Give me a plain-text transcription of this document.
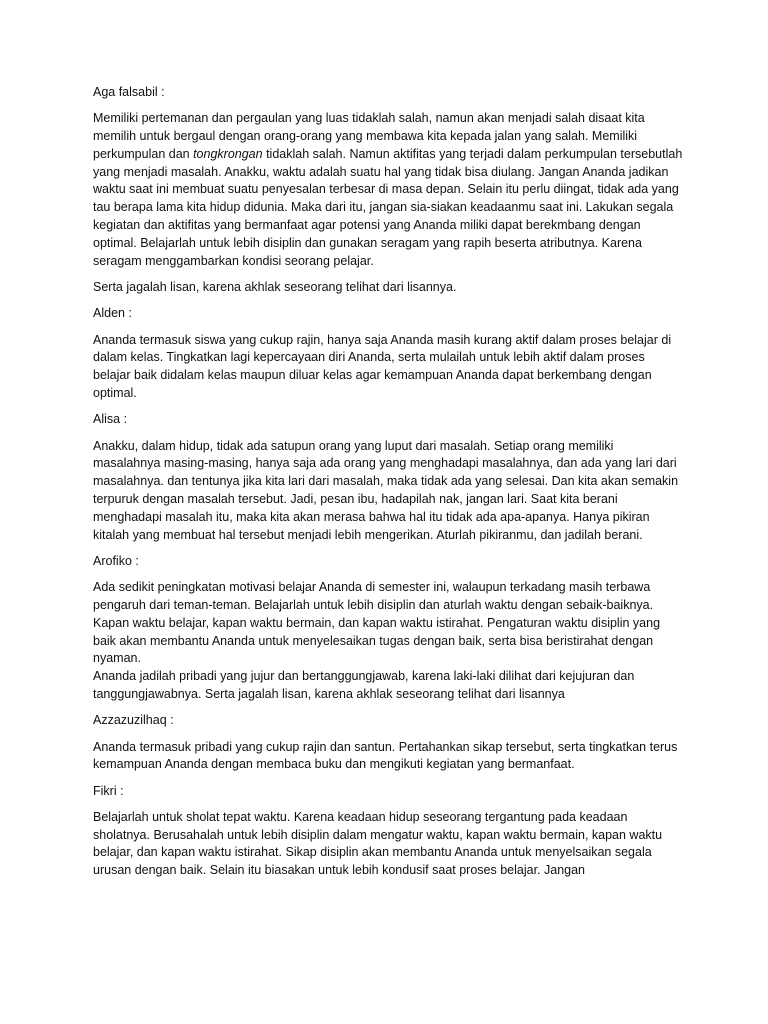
Aga falsabil :

Memiliki pertemanan dan pergaulan yang luas tidaklah salah, namun akan menjadi salah disaat kita memilih untuk bergaul dengan orang-orang yang membawa kita kepada jalan yang salah. Memiliki perkumpulan dan tongkrongan tidaklah salah. Namun aktifitas yang terjadi dalam perkumpulan tersebutlah yang menjadi masalah. Anakku, waktu adalah suatu hal yang tidak bisa diulang. Jangan Ananda jadikan waktu saat ini membuat suatu penyesalan terbesar di masa depan. Selain itu perlu diingat, tidak ada yang tau berapa lama kita hidup didunia. Maka dari itu, jangan sia-siakan keadaanmu saat ini. Lakukan segala kegiatan dan aktifitas yang bermanfaat agar potensi yang Ananda miliki dapat berekmbang dengan optimal. Belajarlah untuk lebih disiplin dan gunakan seragam yang rapih beserta atributnya. Karena seragam menggambarkan kondisi seorang pelajar.

Serta jagalah lisan, karena akhlak seseorang telihat dari lisannya.

Alden :

Ananda termasuk siswa yang cukup rajin, hanya saja Ananda masih kurang aktif dalam proses belajar di dalam kelas. Tingkatkan lagi kepercayaan diri Ananda, serta mulailah untuk lebih aktif dalam proses belajar baik didalam kelas maupun diluar kelas agar kemampuan Ananda dapat berkembang dengan optimal.

Alisa :

Anakku, dalam hidup, tidak ada satupun orang yang luput dari masalah. Setiap orang memiliki masalahnya masing-masing, hanya saja ada orang yang menghadapi masalahnya, dan ada yang lari dari masalahnya. dan tentunya jika kita lari dari masalah, maka tidak ada yang selesai. Dan kita akan semakin terpuruk dengan masalah tersebut. Jadi, pesan ibu, hadapilah nak, jangan lari. Saat kita berani menghadapi masalah itu, maka kita akan merasa bahwa hal itu tidak ada apa-apanya. Hanya pikiran kitalah yang membuat hal tersebut menjadi lebih mengerikan. Aturlah pikiranmu, dan jadilah berani.

Arofiko :

Ada sedikit peningkatan motivasi belajar Ananda di semester ini, walaupun terkadang masih terbawa pengaruh dari teman-teman. Belajarlah untuk lebih disiplin dan aturlah waktu dengan sebaik-baiknya. Kapan waktu belajar, kapan waktu bermain, dan kapan waktu istirahat. Pengaturan waktu disiplin yang baik akan membantu Ananda untuk menyelesaikan tugas dengan baik, serta bisa beristirahat dengan nyaman.
Ananda jadilah pribadi yang jujur dan bertanggungjawab, karena laki-laki dilihat dari kejujuran dan tanggungjawabnya. Serta jagalah lisan, karena akhlak seseorang telihat dari lisannya

Azzazuzilhaq :

Ananda termasuk pribadi yang cukup rajin dan santun. Pertahankan sikap tersebut, serta tingkatkan terus kemampuan Ananda dengan membaca buku dan mengikuti kegiatan yang bermanfaat.

Fikri :

Belajarlah untuk sholat tepat waktu. Karena keadaan hidup seseorang tergantung pada keadaan sholatnya. Berusahalah untuk lebih disiplin dalam mengatur waktu, kapan waktu bermain, kapan waktu belajar, dan kapan waktu istirahat. Sikap disiplin akan membantu Ananda untuk menyelsaikan segala urusan dengan baik. Selain itu biasakan untuk lebih kondusif saat proses belajar. Jangan
